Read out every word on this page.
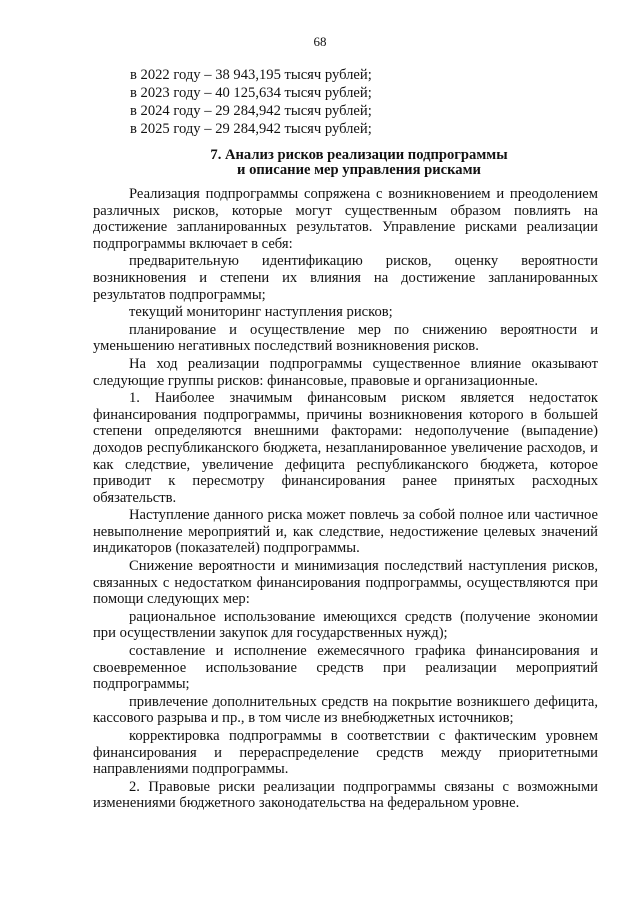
68
в 2022 году – 38 943,195 тысяч рублей;
в 2023 году – 40 125,634 тысяч рублей;
в 2024 году – 29 284,942 тысяч рублей;
в 2025 году – 29 284,942 тысяч рублей;
7. Анализ рисков реализации подпрограммы
и описание мер управления рисками

Реализация подпрограммы сопряжена с возникновением и преодолением различных рисков, которые могут существенным образом повлиять на достижение запланированных результатов. Управление рисками реализации подпрограммы включает в себя:

предварительную идентификацию рисков, оценку вероятности возникновения и степени их влияния на достижение запланированных результатов подпрограммы;

текущий мониторинг наступления рисков;

планирование и осуществление мер по снижению вероятности и уменьшению негативных последствий возникновения рисков.

На ход реализации подпрограммы существенное влияние оказывают следующие группы рисков: финансовые, правовые и организационные.

1. Наиболее значимым финансовым риском является недостаток финансирования подпрограммы, причины возникновения которого в большей степени определяются внешними факторами: недополучение (выпадение) доходов республиканского бюджета, незапланированное увеличение расходов, и как следствие, увеличение дефицита республиканского бюджета, которое приводит к пересмотру финансирования ранее принятых расходных обязательств.

Наступление данного риска может повлечь за собой полное или частичное невыполнение мероприятий и, как следствие, недостижение целевых значений индикаторов (показателей) подпрограммы.

Снижение вероятности и минимизация последствий наступления рисков, связанных с недостатком финансирования подпрограммы, осуществляются при помощи следующих мер:

рациональное использование имеющихся средств (получение экономии при осуществлении закупок для государственных нужд);

составление и исполнение ежемесячного графика финансирования и своевременное использование средств при реализации мероприятий подпрограммы;

привлечение дополнительных средств на покрытие возникшего дефицита, кассового разрыва и пр., в том числе из внебюджетных источников;

корректировка подпрограммы в соответствии с фактическим уровнем финансирования и перераспределение средств между приоритетными направлениями подпрограммы.

2. Правовые риски реализации подпрограммы связаны с возможными изменениями бюджетного законодательства на федеральном уровне.
